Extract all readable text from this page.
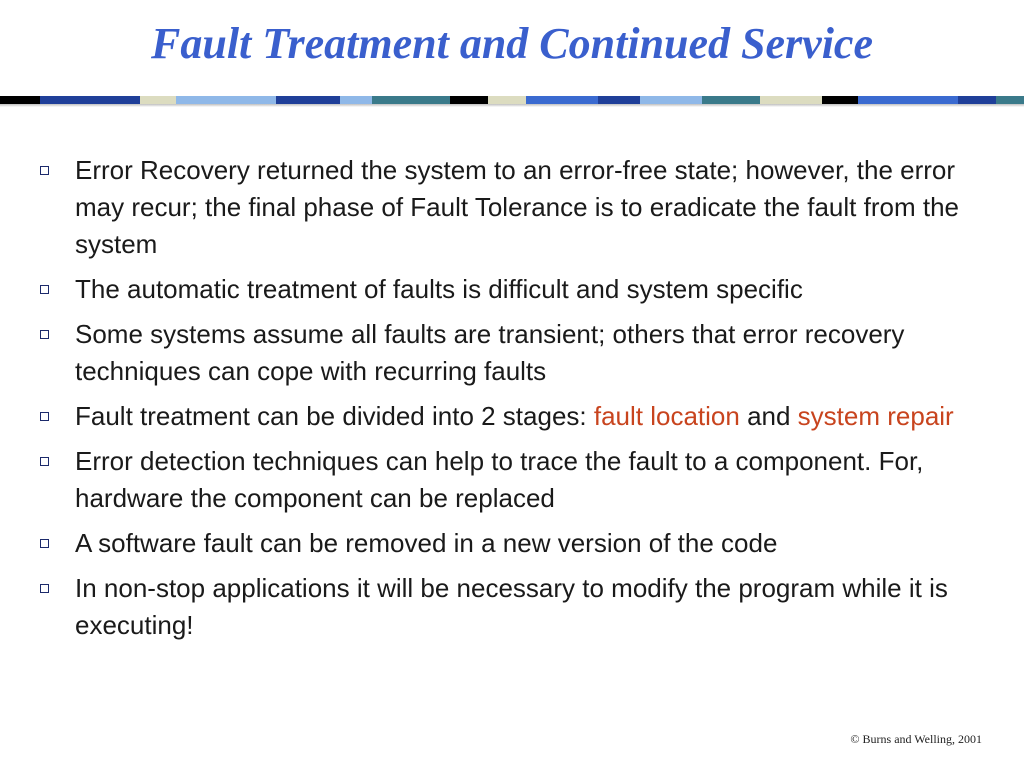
Fault Treatment and Continued Service
Error Recovery returned the system to an error-free state; however, the error may recur; the final phase of Fault Tolerance is to eradicate the fault from the system
The automatic treatment of faults is difficult and system specific
Some systems assume all faults are transient; others that error recovery techniques can cope with recurring faults
Fault treatment can be divided into 2 stages: fault location and system repair
Error detection techniques can help to trace the fault to a component. For, hardware the component can be replaced
A software fault can be removed in a new version of the code
In non-stop applications it will be necessary to modify the program while it is executing!
© Burns and Welling, 2001
